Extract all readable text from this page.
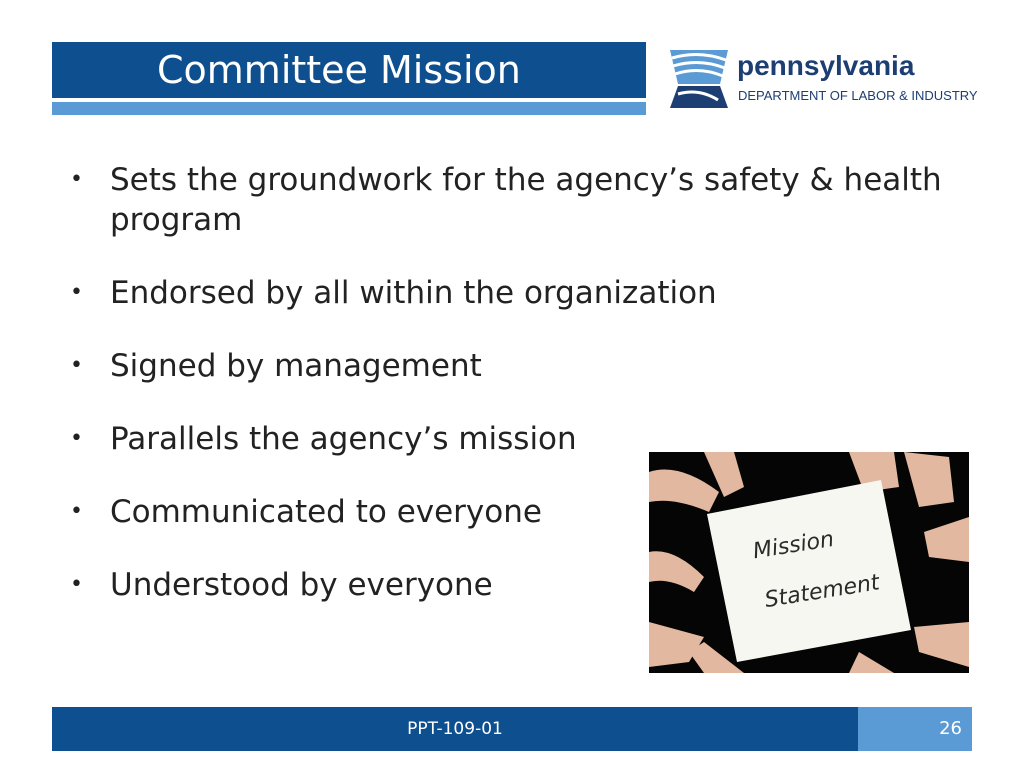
Committee Mission	pennsylvania
DEPARTMENT OF LABOR & INDUSTRY
• Sets the groundwork for the agency’s safety & health program
• Endorsed by all within the organization
• Signed by management
• Parallels the agency’s mission
• Communicated to everyone
• Understood by everyone
Mission
Statement
PPT-109-01	26
